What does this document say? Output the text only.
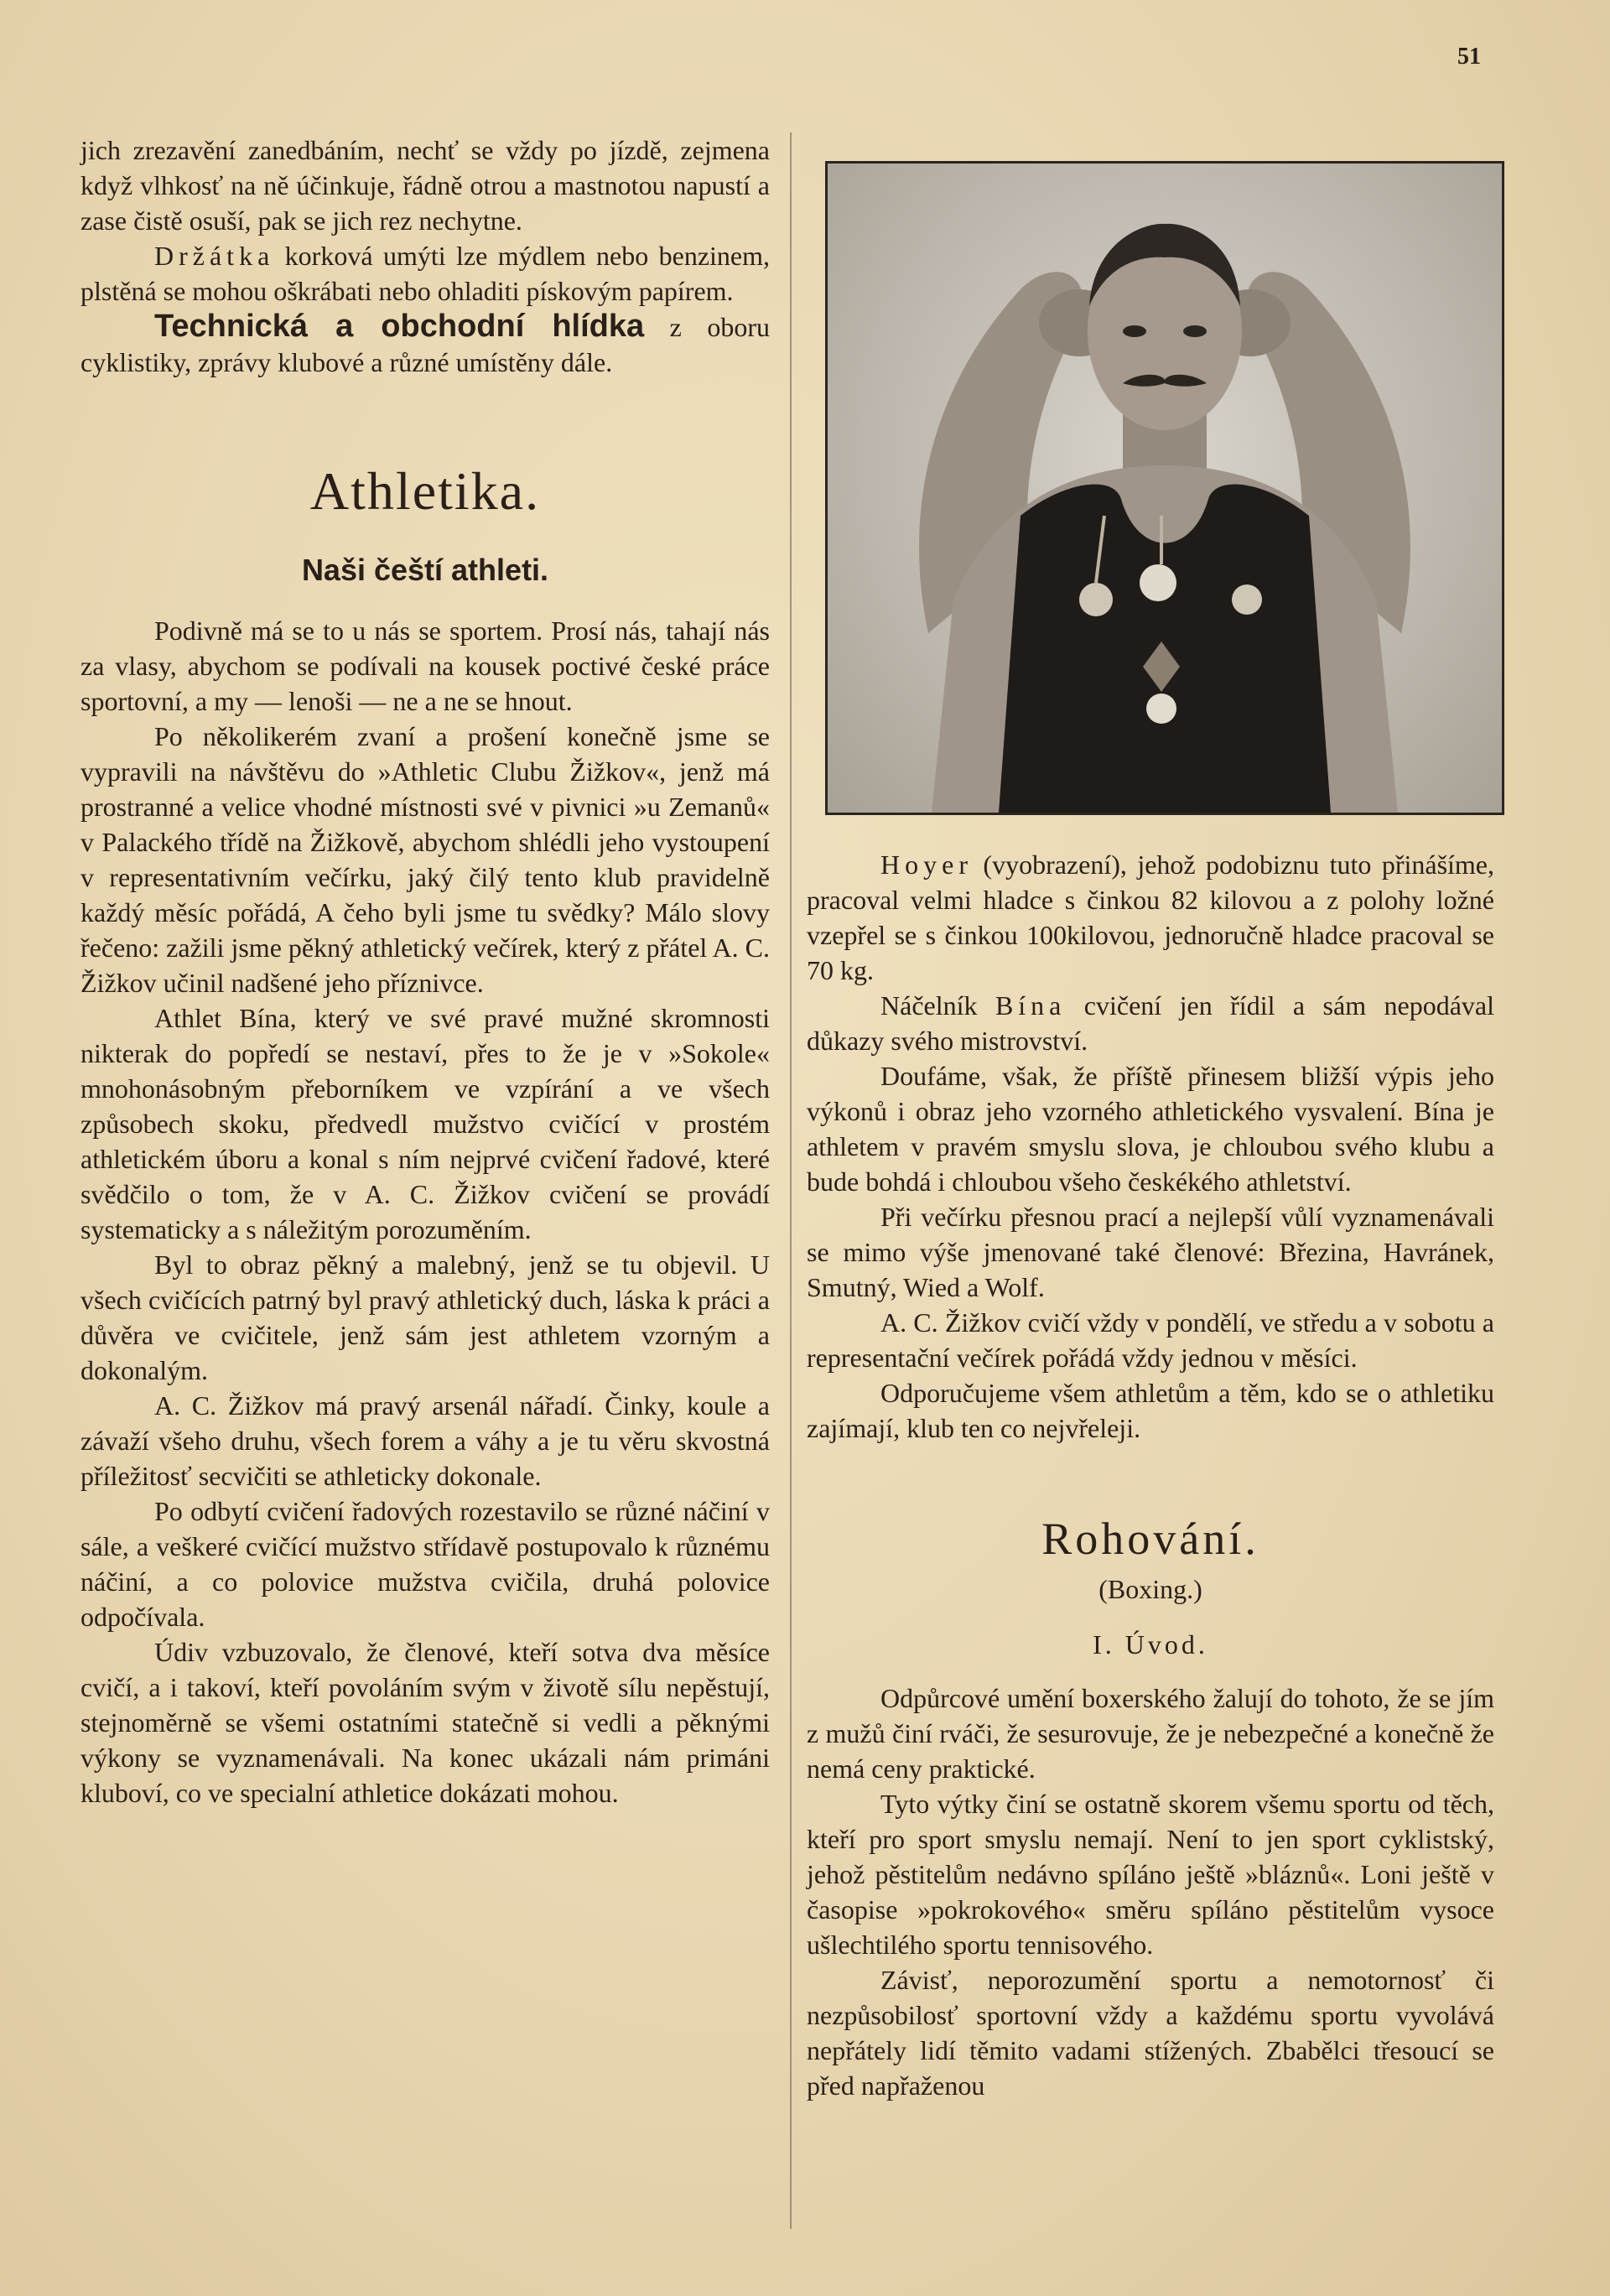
51

jich zrezavění zanedbáním, nechť se vždy po jízdě, zejmena když vlhkosť na ně účinkuje, řádně otrou a mastnotou napustí a zase čistě osuší, pak se jich rez nechytne.

Držátka korková umýti lze mýdlem nebo benzinem, plstěná se mohou oškrábati nebo ohladiti pískovým papírem.

Technická a obchodní hlídka z oboru cyklistiky, zprávy klubové a různé umístěny dále.

Athletika.
Naši čeští athleti.

Podivně má se to u nás se sportem. Prosí nás, tahají nás za vlasy, abychom se podívali na kousek poctivé české práce sportovní, a my — lenoši — ne a ne se hnout.

Po několikerém zvaní a prošení konečně jsme se vypravili na návštěvu do »Athletic Clubu Žižkov«, jenž má prostranné a velice vhodné místnosti své v pivnici »u Zemanů« v Palackého třídě na Žižkově, abychom shlédli jeho vystoupení v representativním večírku, jaký čilý tento klub pravidelně každý měsíc pořádá, A čeho byli jsme tu svědky? Málo slovy řečeno: zažili jsme pěkný athletický večírek, který z přátel A. C. Žižkov učinil nadšené jeho příznivce.

Athlet Bína, který ve své pravé mužné skromnosti nikterak do popředí se nestaví, přes to že je v »Sokole« mnohonásobným přeborníkem ve vzpírání a ve všech způsobech skoku, předvedl mužstvo cvičící v prostém athletickém úboru a konal s ním nejprvé cvičení řadové, které svědčilo o tom, že v A. C. Žižkov cvičení se provádí systematicky a s náležitým porozuměním.

Byl to obraz pěkný a malebný, jenž se tu objevil. U všech cvičících patrný byl pravý athletický duch, láska k práci a důvěra ve cvičitele, jenž sám jest athletem vzorným a dokonalým.

A. C. Žižkov má pravý arsenál nářadí. Činky, koule a závaží všeho druhu, všech forem a váhy a je tu věru skvostná příležitosť secvičiti se athleticky dokonale.

Po odbytí cvičení řadových rozestavilo se různé náčiní v sále, a veškeré cvičící mužstvo střídavě postupovalo k různému náčiní, a co polovice mužstva cvičila, druhá polovice odpočívala.

Údiv vzbuzovalo, že členové, kteří sotva dva měsíce cvičí, a i takoví, kteří povoláním svým v životě sílu nepěstují, stejnoměrně se všemi ostatními statečně si vedli a pěknými výkony se vyznamenávali. Na konec ukázali nám primáni kluboví, co ve specialní athletice dokázati mohou.

Hoyer (vyobrazení), jehož podobiznu tuto přinášíme, pracoval velmi hladce s činkou 82 kilovou a z polohy ložné vzepřel se s činkou 100kilovou, jednoručně hladce pracoval se 70 kg.

Náčelník Bína cvičení jen řídil a sám nepodával důkazy svého mistrovství.

Doufáme, však, že příště přinesem bližší výpis jeho výkonů i obraz jeho vzorného athletického vysvalení. Bína je athletem v pravém smyslu slova, je chloubou svého klubu a bude bohdá i chloubou všeho českékého athletství.

Při večírku přesnou prací a nejlepší vůlí vyznamenávali se mimo výše jmenované také členové: Březina, Havránek, Smutný, Wied a Wolf.

A. C. Žižkov cvičí vždy v pondělí, ve středu a v sobotu a representační večírek pořádá vždy jednou v měsíci.

Odporučujeme všem athletům a těm, kdo se o athletiku zajímají, klub ten co nejvřeleji.

Rohování.

(Boxing.)

I. Úvod.

Odpůrcové umění boxerského žalují do tohoto, že se jím z mužů činí rváči, že sesurovuje, že je nebezpečné a konečně že nemá ceny praktické.

Tyto výtky činí se ostatně skorem všemu sportu od těch, kteří pro sport smyslu nemají. Není to jen sport cyklistský, jehož pěstitelům nedávno spíláno ještě »bláznů«. Loni ještě v časopise »pokrokového« směru spíláno pěstitelům vysoce ušlechtilého sportu tennisového.

Závisť, neporozumění sportu a nemotornosť či nezpůsobilosť sportovní vždy a každému sportu vyvolává nepřátely lidí těmito vadami stížených. Zbabělci třesoucí se před napřaženou
